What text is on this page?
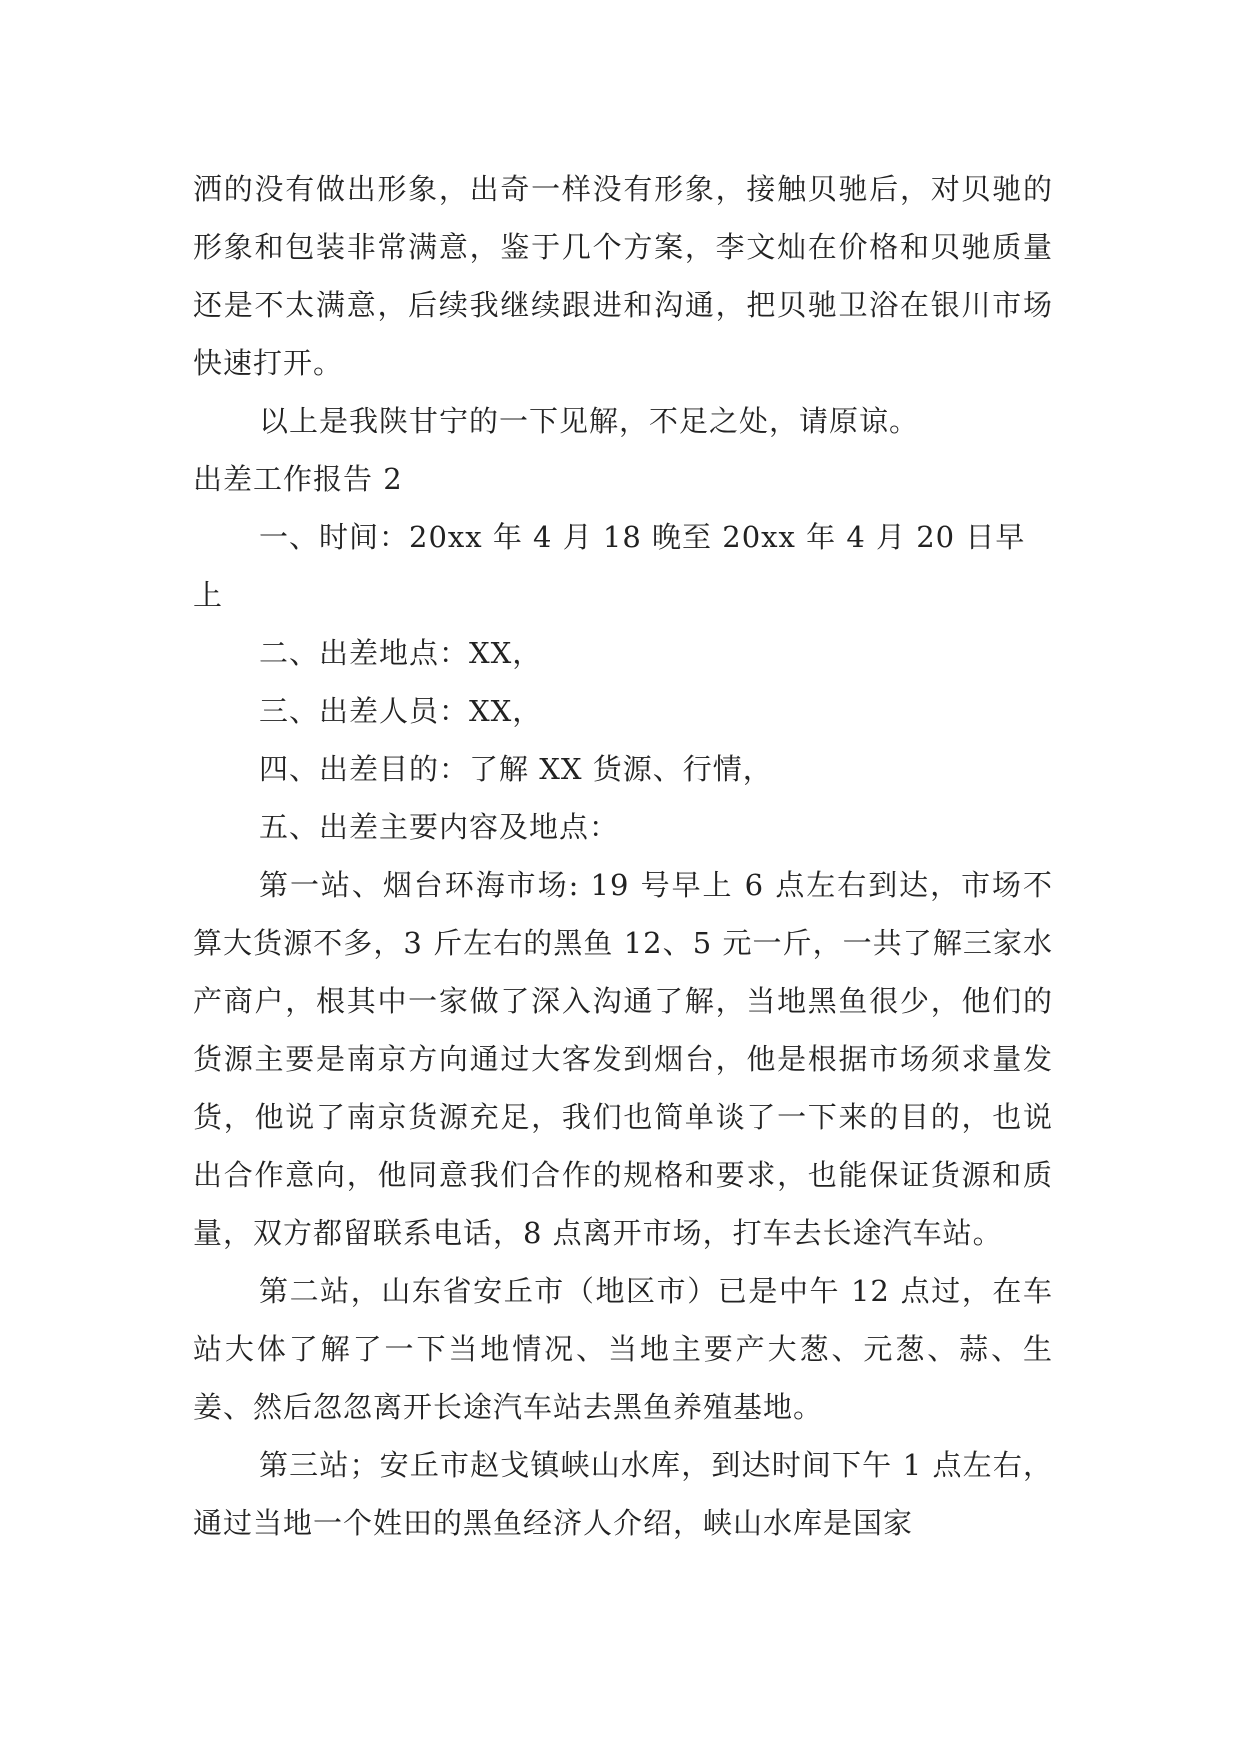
洒的没有做出形象，出奇一样没有形象，接触贝驰后，对贝驰的形象和包装非常满意，鉴于几个方案，李文灿在价格和贝驰质量还是不太满意，后续我继续跟进和沟通，把贝驰卫浴在银川市场快速打开。

以上是我陕甘宁的一下见解，不足之处，请原谅。

出差工作报告 2

一、时间：20xx 年 4 月 18 晚至 20xx 年 4 月 20 日早上

二、出差地点：XX，

三、出差人员：XX，

四、出差目的：了解 XX 货源、行情，

五、出差主要内容及地点：

第一站、烟台环海市场: 19 号早上 6 点左右到达，市场不算大货源不多，3 斤左右的黑鱼 12、5 元一斤，一共了解三家水产商户，根其中一家做了深入沟通了解，当地黑鱼很少，他们的货源主要是南京方向通过大客发到烟台，他是根据市场须求量发货，他说了南京货源充足，我们也简单谈了一下来的目的，也说出合作意向，他同意我们合作的规格和要求，也能保证货源和质量，双方都留联系电话，8 点离开市场，打车去长途汽车站。

第二站，山东省安丘市（地区市）已是中午 12 点过，在车站大体了解了一下当地情况、当地主要产大葱、元葱、蒜、生姜、然后忽忽离开长途汽车站去黑鱼养殖基地。

第三站；安丘市赵戈镇峡山水库，到达时间下午 1 点左右，通过当地一个姓田的黑鱼经济人介绍，峡山水库是国家
